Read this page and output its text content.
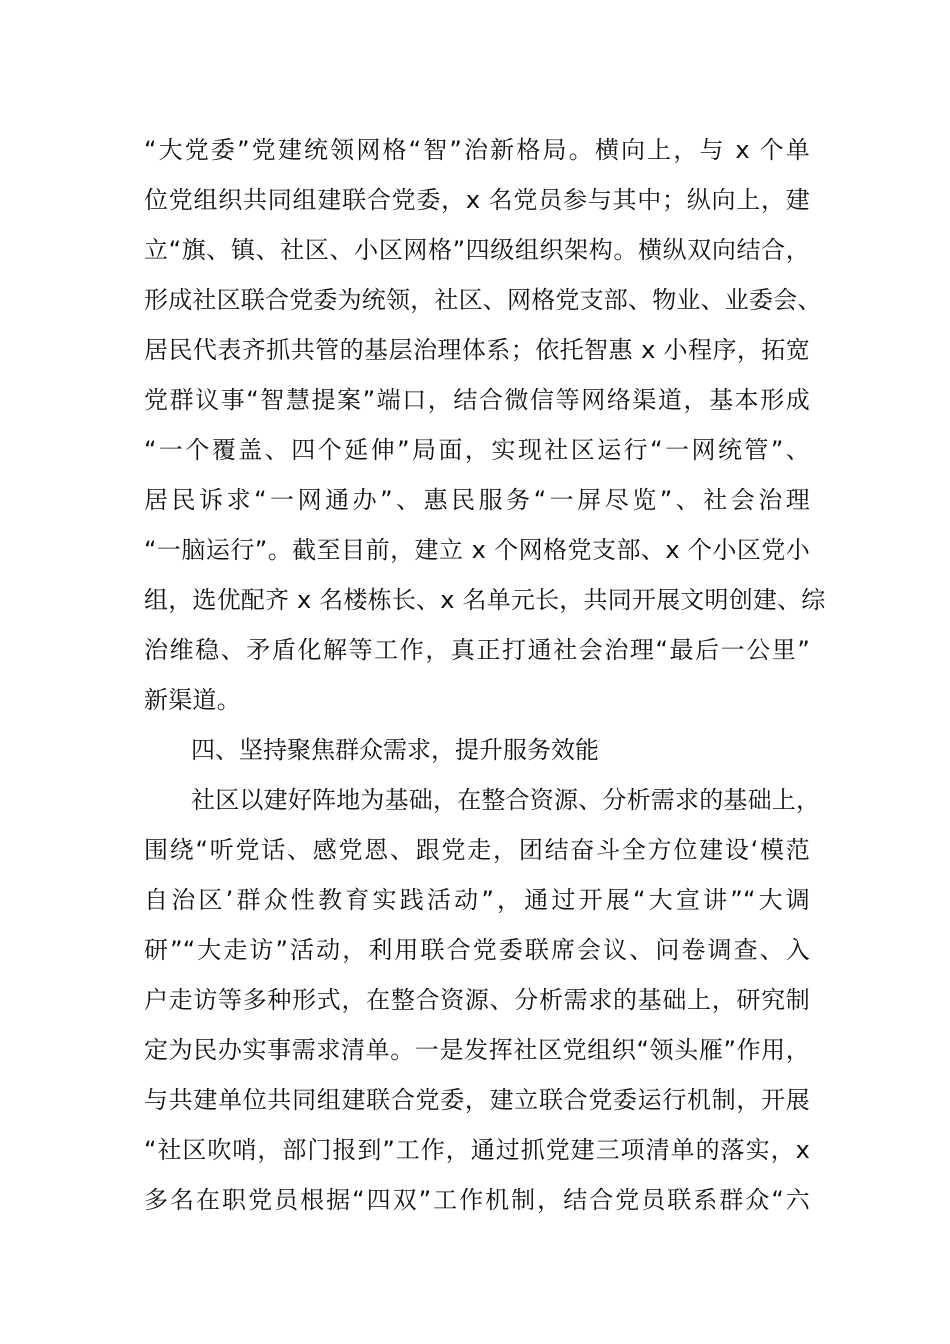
“大党委”党建统领网格“智”治新格局。横向上，与 x 个单
位党组织共同组建联合党委，x 名党员参与其中；纵向上，建
立“旗、镇、社区、小区网格”四级组织架构。横纵双向结合，
形成社区联合党委为统领，社区、网格党支部、物业、业委会、
居民代表齐抓共管的基层治理体系；依托智惠 x 小程序，拓宽
党群议事“智慧提案”端口，结合微信等网络渠道，基本形成
“一个覆盖、四个延伸”局面，实现社区运行“一网统管”、
居民诉求“一网通办”、惠民服务“一屏尽览”、社会治理
“一脑运行”。截至目前，建立 x 个网格党支部、x 个小区党小
组，选优配齐 x 名楼栋长、x 名单元长，共同开展文明创建、综
治维稳、矛盾化解等工作，真正打通社会治理“最后一公里”
新渠道。
四、坚持聚焦群众需求，提升服务效能
社区以建好阵地为基础，在整合资源、分析需求的基础上，
围绕“听党话、感党恩、跟党走，团结奋斗全方位建设‘模范
自治区’群众性教育实践活动”，通过开展“大宣讲”“大调
研”“大走访”活动，利用联合党委联席会议、问卷调查、入
户走访等多种形式，在整合资源、分析需求的基础上，研究制
定为民办实事需求清单。一是发挥社区党组织“领头雁”作用，
与共建单位共同组建联合党委，建立联合党委运行机制，开展
“社区吹哨，部门报到”工作，通过抓党建三项清单的落实，x
多名在职党员根据“四双”工作机制，结合党员联系群众“六
